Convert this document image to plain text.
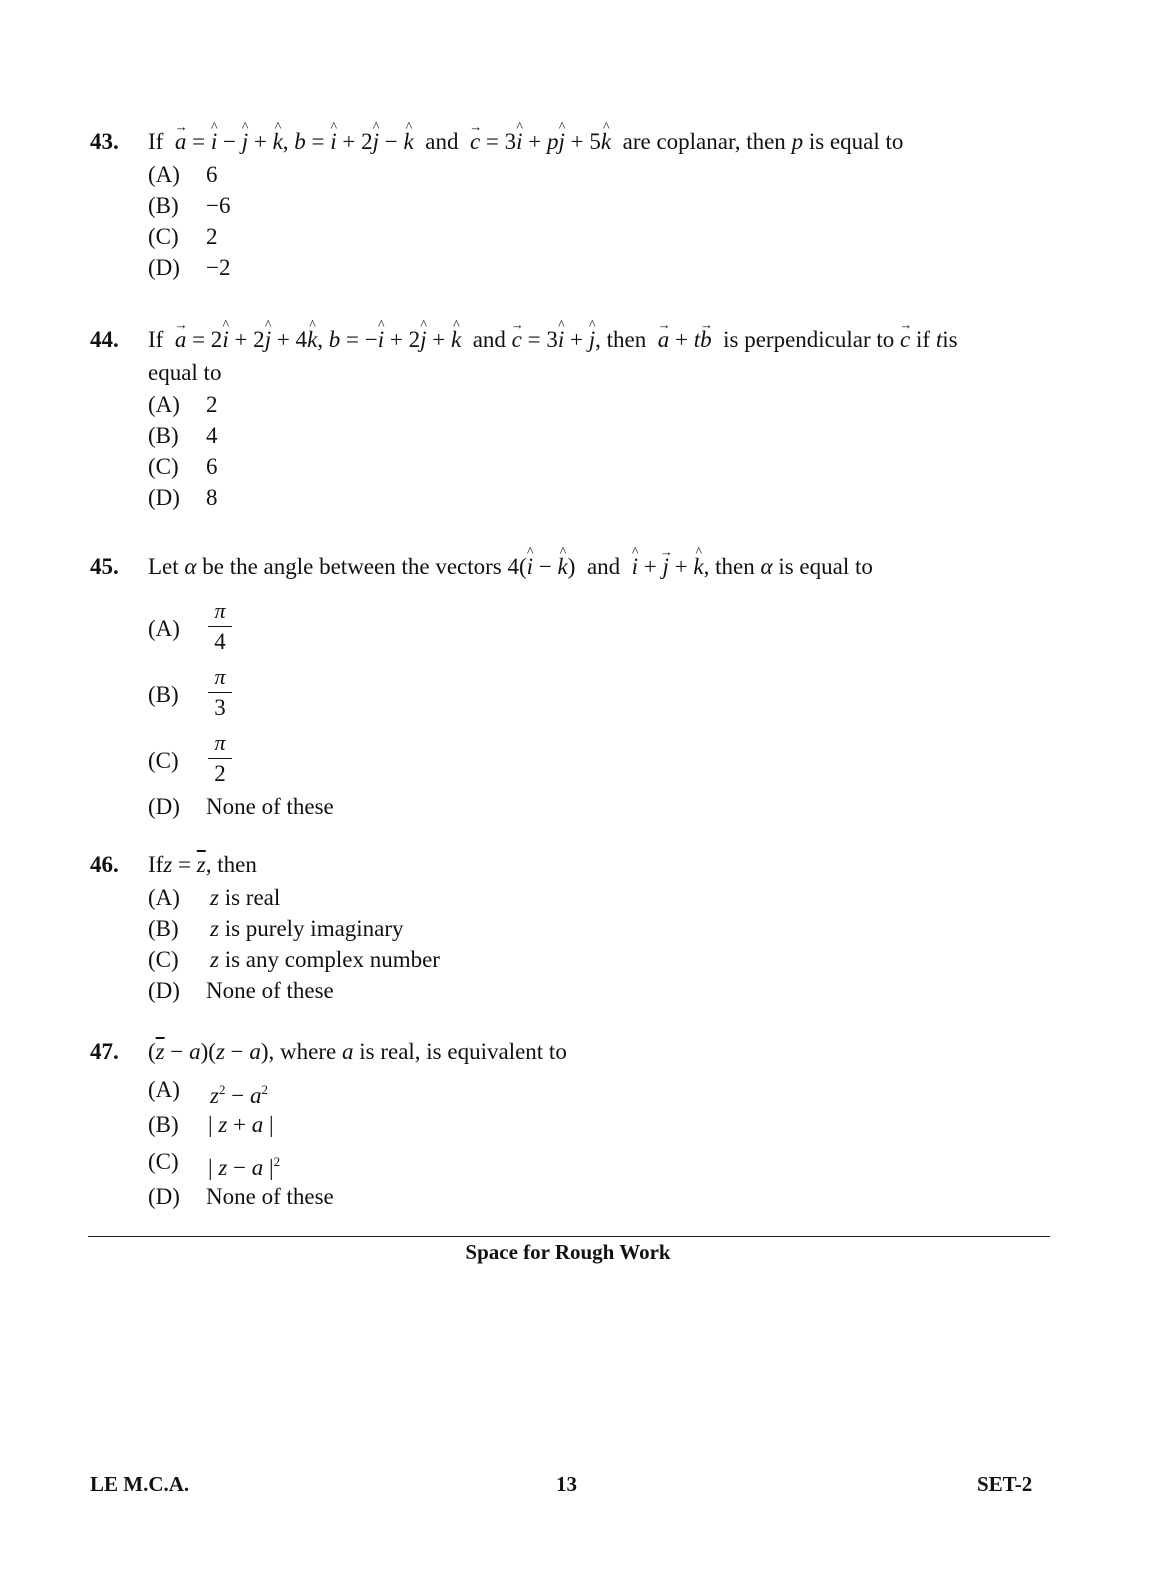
43. If a → = i ^ − j ^ + k ^, b = i ^ + 2j ^ − k ^ and c → = 3i ^ + pj ^ + 5k ^ are coplanar, then p is equal to
(A) 6
(B) −6
(C) 2
(D) −2
44. If a → = 2i ^ + 2j ^ + 4k ^, b = −i ^ + 2j ^ + k ^ and c → = 3i ^ + j ^, then a → + tb → is perpendicular to c → if tis
equal to
(A) 2
(B) 4
(C) 6
(D) 8
45. Let α be the angle between the vectors 4(i ^ − k ^)  and i ^ + j → + k ^, then α is equal to
(A)
π
4
(B)
π
3
(C)
π
2
(D) None of these
46. Ifz = $\overline{z}$, then
(A) z is real
(B) z is purely imaginary
(C) z is any complex number
(D) None of these
47. $(\overline{z} - a)(z - a)$, where a is real, is equivalent to
(A) $z^2 - a^2$
(B) | z + a |
(C) | z − a $|^2$
(D) None of these
Space for Rough Work
LE M.C.A.	13	SET-2
